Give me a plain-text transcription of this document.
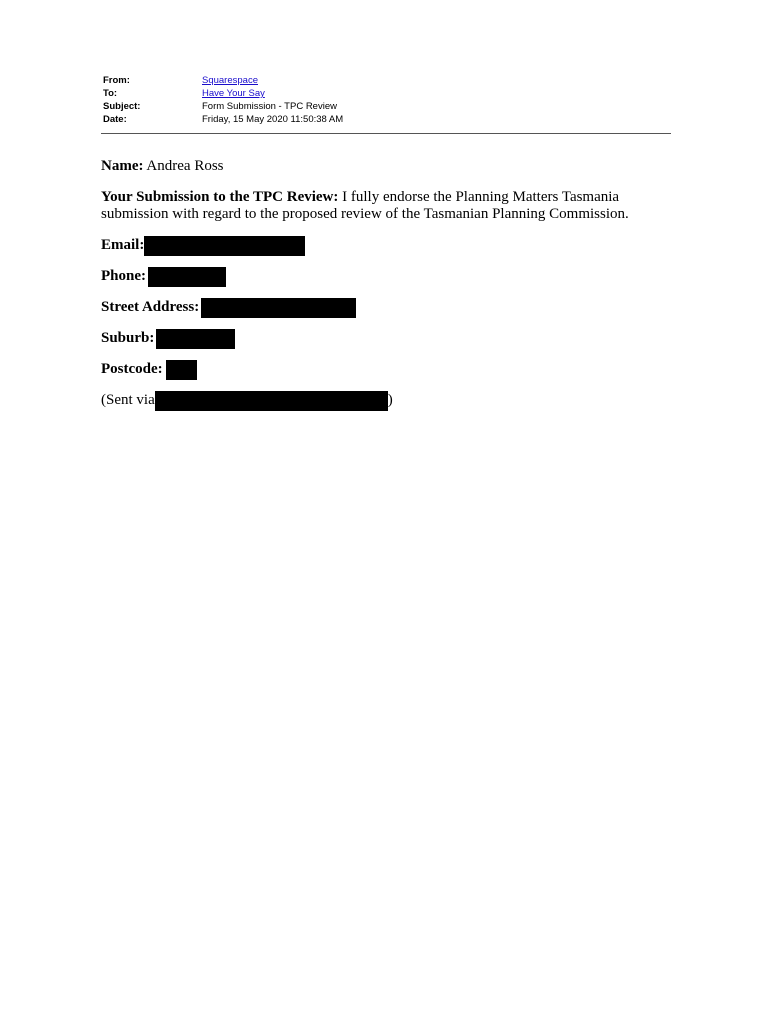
From:	Squarespace
To:	Have Your Say
Subject:	Form Submission - TPC Review
Date:	Friday, 15 May 2020 11:50:38 AM

Name: Andrea Ross

Your Submission to the TPC Review: I fully endorse the Planning Matters Tasmania submission with regard to the proposed review of the Tasmanian Planning Commission.

Email:
Phone:
Street Address:
Suburb:
Postcode:
(Sent via	)
